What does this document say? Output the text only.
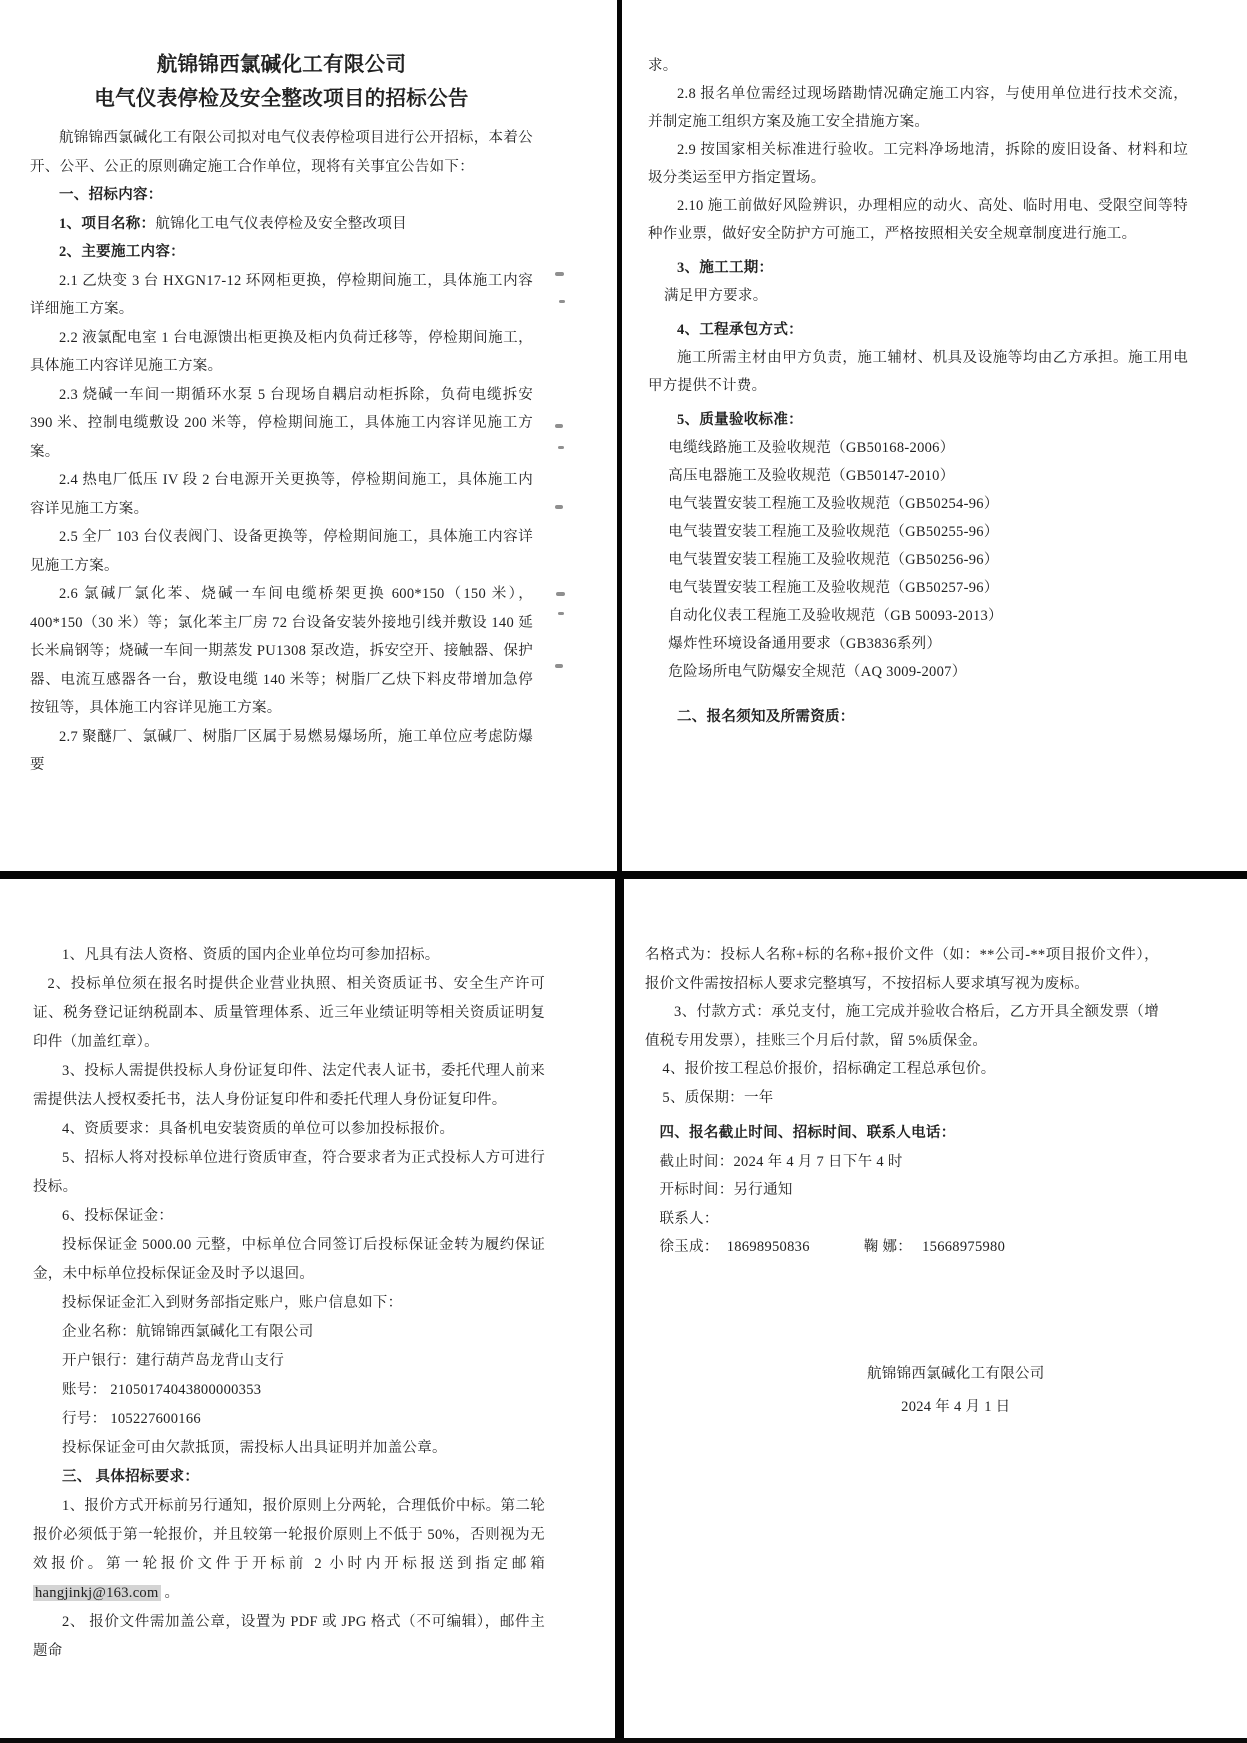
航锦锦西氯碱化工有限公司

电气仪表停检及安全整改项目的招标公告

航锦锦西氯碱化工有限公司拟对电气仪表停检项目进行公开招标，本着公开、公平、公正的原则确定施工合作单位，现将有关事宜公告如下：

一、招标内容：

1、项目名称：航锦化工电气仪表停检及安全整改项目

2、主要施工内容：

2.1 乙炔变 3 台 HXGN17-12 环网柜更换，停检期间施工，具体施工内容详细施工方案。

2.2 液氯配电室 1 台电源馈出柜更换及柜内负荷迁移等，停检期间施工，具体施工内容详见施工方案。

2.3 烧碱一车间一期循环水泵 5 台现场自耦启动柜拆除，负荷电缆拆安 390 米、控制电缆敷设 200 米等，停检期间施工，具体施工内容详见施工方案。

2.4 热电厂低压 IV 段 2 台电源开关更换等，停检期间施工，具体施工内容详见施工方案。

2.5 全厂 103 台仪表阀门、设备更换等，停检期间施工，具体施工内容详见施工方案。

2.6 氯碱厂氯化苯、烧碱一车间电缆桥架更换 600*150（150 米），400*150（30 米）等；氯化苯主厂房 72 台设备安装外接地引线并敷设 140 延长米扁钢等；烧碱一车间一期蒸发 PU1308 泵改造，拆安空开、接触器、保护器、电流互感器各一台，敷设电缆 140 米等；树脂厂乙炔下料皮带增加急停按钮等，具体施工内容详见施工方案。

2.7 聚醚厂、氯碱厂、树脂厂区属于易燃易爆场所，施工单位应考虑防爆要

求。

2.8 报名单位需经过现场踏勘情况确定施工内容，与使用单位进行技术交流，并制定施工组织方案及施工安全措施方案。

2.9 按国家相关标准进行验收。工完料净场地清，拆除的废旧设备、材料和垃圾分类运至甲方指定置场。

2.10 施工前做好风险辨识，办理相应的动火、高处、临时用电、受限空间等特种作业票，做好安全防护方可施工，严格按照相关安全规章制度进行施工。

3、施工工期：

满足甲方要求。

4、工程承包方式：

施工所需主材由甲方负责，施工辅材、机具及设施等均由乙方承担。施工用电甲方提供不计费。

5、质量验收标准：

电缆线路施工及验收规范（GB50168-2006）

高压电器施工及验收规范（GB50147-2010）

电气装置安装工程施工及验收规范（GB50254-96）

电气装置安装工程施工及验收规范（GB50255-96）

电气装置安装工程施工及验收规范（GB50256-96）

电气装置安装工程施工及验收规范（GB50257-96）

自动化仪表工程施工及验收规范（GB 50093-2013）

爆炸性环境设备通用要求（GB3836系列）

危险场所电气防爆安全规范（AQ 3009-2007）

二、报名须知及所需资质：

1、凡具有法人资格、资质的国内企业单位均可参加招标。

2、投标单位须在报名时提供企业营业执照、相关资质证书、安全生产许可证、税务登记证纳税副本、质量管理体系、近三年业绩证明等相关资质证明复印件（加盖红章）。

3、投标人需提供投标人身份证复印件、法定代表人证书，委托代理人前来需提供法人授权委托书，法人身份证复印件和委托代理人身份证复印件。

4、资质要求：具备机电安装资质的单位可以参加投标报价。

5、招标人将对投标单位进行资质审查，符合要求者为正式投标人方可进行投标。

6、投标保证金：

投标保证金 5000.00 元整，中标单位合同签订后投标保证金转为履约保证金，未中标单位投标保证金及时予以退回。

投标保证金汇入到财务部指定账户，账户信息如下：

企业名称：航锦锦西氯碱化工有限公司

开户银行：建行葫芦岛龙背山支行

账号： 21050174043800000353

行号： 105227600166

投标保证金可由欠款抵顶，需投标人出具证明并加盖公章。

三、 具体招标要求：

1、报价方式开标前另行通知，报价原则上分两轮，合理低价中标。第二轮报价必须低于第一轮报价，并且较第一轮报价原则上不低于 50%，否则视为无效报价。第一轮报价文件于开标前 2 小时内开标报送到指定邮箱 hangjinkj@163.com 。

2、 报价文件需加盖公章，设置为 PDF 或 JPG 格式（不可编辑），邮件主题命

名格式为：投标人名称+标的名称+报价文件（如：**公司-**项目报价文件），报价文件需按招标人要求完整填写，不按招标人要求填写视为废标。

3、付款方式：承兑支付，施工完成并验收合格后，乙方开具全额发票（增值税专用发票），挂账三个月后付款，留 5%质保金。

4、报价按工程总价报价，招标确定工程总承包价。

5、质保期：一年

四、报名截止时间、招标时间、联系人电话：

截止时间：2024 年 4 月 7 日下午 4 时

开标时间：另行通知

联系人：

徐玉成： 18698950836	鞠 娜： 15668975980

航锦锦西氯碱化工有限公司

2024 年 4 月 1 日
